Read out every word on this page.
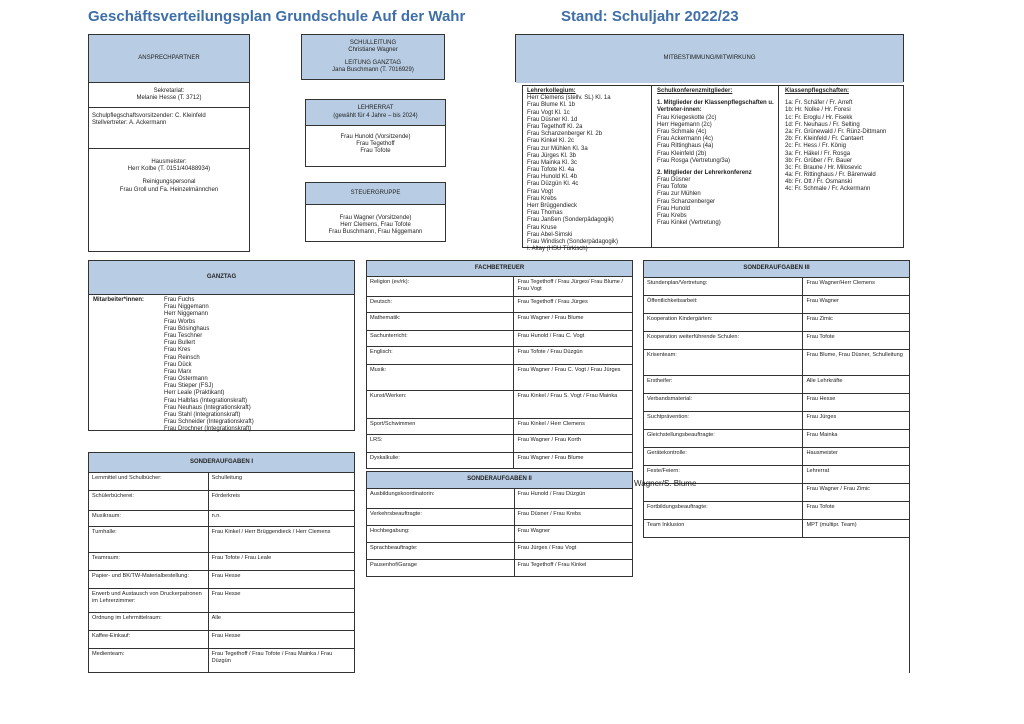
Geschäftsverteilungsplan Grundschule Auf der Wahr	Stand: Schuljahr 2022/23
ANSPRECHPARTNER
Sekretariat:
Melanie Hesse (T. 3712)
Schulpflegschaftsvorsitzender: C. Kleinfeld
Stellvertreter: A. Ackermann
Hausmeister:
Herr Kolbe (T. 0151/40488934)
Reinigungspersonal
Frau Groll und Fa. Heinzelmännchen
SCHULLEITUNG
Christiane Wagner
LEITUNG GANZTAG
Jana Buschmann (T. 7016929)
LEHRERRAT
(gewählt für 4 Jahre – bis 2024)
Frau Hunold (Vorsitzende)
Frau Tegethoff
Frau Tofote
STEUERGRUPPE
Frau Wagner (Vorsitzende)
Herr Clemens, Frau Tofote
Frau Buschmann, Frau Niggemann
MITBESTIMMUNG/MITWIRKUNG
Lehrerkollegium:
Herr Clemens (stellv. SL) Kl. 1a
Frau Blume Kl. 1b
Frau Vogt Kl. 1c
Frau Düsner Kl. 1d
Frau Tegethoff Kl. 2a
Frau Schanzenberger Kl. 2b
Frau Kinkel Kl. 2c
Frau zur Mühlen Kl. 3a
Frau Jürges Kl. 3b
Frau Mainka Kl. 3c
Frau Tofote Kl. 4a
Frau Hunold Kl. 4b
Frau Düzgün Kl. 4c
Frau Vogt
Frau Krebs
Herr Brüggendieck
Frau Thomas
Frau Janßen (Sonderpädagogik)
Frau Kruse
Frau Abel-Simski
Frau Windisch (Sonderpädagogik)
I. Altay (HSU Türkisch)
Schulkonferenzmitglieder:
1. Mitglieder der Klassenpflegschaften u. Vertreter-innen:
Frau Kriegeskotte (2c)
Herr Hegemann (2c)
Frau Schmale (4c)
Frau Ackermann (4c)
Frau Rittinghaus (4a)
Frau Kleinfeld (2b)
Frau Rosga (Vertretung/3a)
2. Mitglieder der Lehrerkonferenz
Frau Düsner
Frau Tofote
Frau zur Mühlen
Frau Schanzenberger
Frau Hunold
Frau Krebs
Frau Kinkel (Vertretung)
Klassenpflegschaften:
1a: Fr. Schäfer / Fr. Arreft
1b: Hr. Nolke / Hr. Foresi
1c: Fr. Eroglu / Hr. Fisekk
1d: Fr. Neuhaus / Fr. Selting
2a: Fr. Grünewald / Fr. Rünz-Dittmann
2b: Fr. Kleinfeld / Fr. Cantaert
2c: Fr. Hess / Fr. König
3a: Fr. Häkel / Fr. Rosga
3b: Fr. Grüber / Fr. Bauer
3c: Fr. Braune / Hr. Milosevic
4a: Fr. Rittinghaus / Fr. Bärenwald
4b: Fr. Ott / Fr. Osmanski
4c: Fr. Schmale / Fr. Ackermann
GANZTAG
Mitarbeiter*innen:	Frau Fuchs
Frau Niggemann
Herr Niggemann
Frau Worbs
Frau Bösinghaus
Frau Teschner
Frau Bullert
Frau Kres
Frau Reinsch
Frau Dück
Frau Marx
Frau Ostermann
Frau Stieper (FSJ)
Herr Leale (Praktikant)
Frau Halbfas (Integrationskraft)
Frau Neuhaus (Integrationskraft)
Frau Stahl (Integrationskraft)
Frau Schneider (Integrationskraft)
Frau Drochner (Integrationskraft)
SONDERAUFGABEN I	
Lernmittel und Schulbücher:	Schulleitung
Schülerbücherei:	Förderkreis
Musikraum:	n.n.
Turnhalle:	Frau Kinkel / Herr Brüggendieck / Herr Clemens
Teamraum:	Frau Tofote / Frau Leale
Papier- und BK/TW-Materialbestellung:	Frau Hesse
Erwerb und Austausch von Druckerpatronen im Lehrerzimmer:	Frau Hesse
Ordnung im Lehrmittelraum:	Alle
Kaffee-Einkauf:	Frau Hesse
Medienteam:	Frau Tegethoff / Frau Tofote / Frau Mainka / Frau Düzgün
FACHBETREUER	
Religion (ev/rk):	Frau Tegethoff / Frau Jürges/ Frau Blume / Frau Vogt
Deutsch:	Frau Tegethoff / Frau Jürges
Mathematik:	Frau Wagner / Frau Blume
Sachunterricht:	Frau Hunold / Frau C. Vogt
Englisch:	Frau Tofote / Frau Düzgün
Musik:	Frau Wagner / Frau C. Vogt / Frau Jürges
Kunst/Werken:	Frau Kinkel / Frau S. Vogt / Frau Mainka
Sport/Schwimmen	Frau Kinkel / Herr Clemens
LRS:	Frau Wagner / Frau Korth
Dyskalkulie:	Frau Wagner / Frau Blume
SONDERAUFGABEN II	
Ausbildungskoordinatorin:	Frau Hunold / Frau Düzgün
Verkehrsbeauftragte:	Frau Düsner / Frau Krebs
Hochbegabung:	Frau Wagner
Sprachbeauftragte:	Frau Jürges / Frau Vogt
Pausenhof/Garage	Frau Tegethoff / Frau Kinkel
SONDERAUFGABEN III	
Stundenplan/Vertretung:	Frau Wagner/Herr Clemens
Öffentlichkeitsarbeit:	Frau Wagner
Kooperation Kindergärten:	Frau Zimic
Kooperation weiterführende Schulen:	Frau Tofote
Krisenteam:	Frau Blume, Frau Düsner, Schulleitung
Erstheifer:	Alle Lehrkräfte
Verbandsmaterial:	Frau Hesse
Suchtprävention:	Frau Jürges
Gleichstellungsbeauftragte:	Frau Mainka
Gerätekontrolle:	Hausmeister
Feste/Feiern:	Lehrerrat
	Frau Wagner / Frau Zimic
Fortbildungsbeauftragte:	Frau Tofote
Team Inklusion	MPT (multipr. Team)
Wagner/S. Blume
